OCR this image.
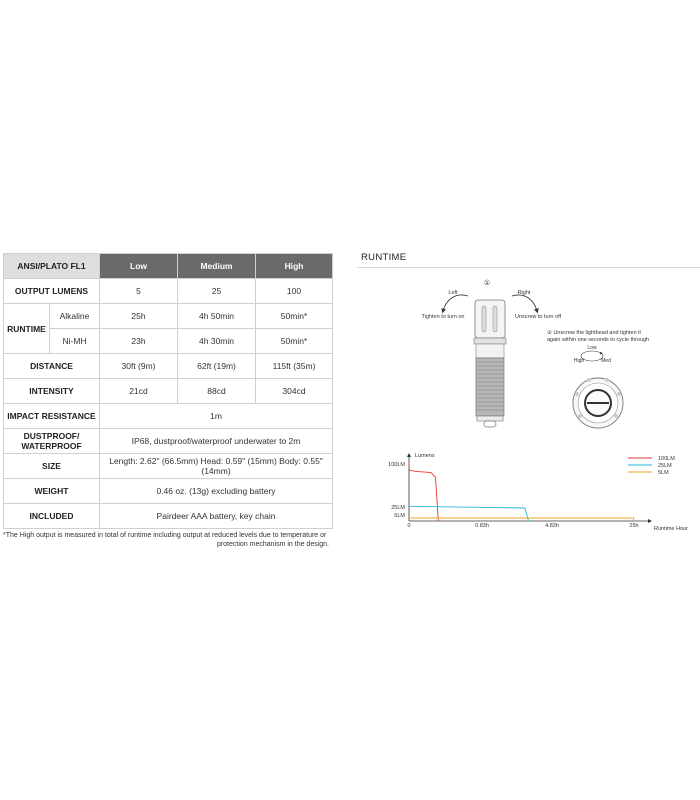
ANSI/PLATO FL1		Low	Medium	High
OUTPUT LUMENS		5	25	100
RUNTIME	Alkaline	25h	4h 50min	50min*
	Ni-MH	23h	4h 30min	50min*
DISTANCE		30ft (9m)	62ft (19m)	115ft (35m)
INTENSITY		21cd	88cd	304cd
IMPACT RESISTANCE		1m		
DUSTPROOF/
WATERPROOF		IP68, dustproof/waterproof underwater to 2m		
SIZE		Length: 2.62" (66.5mm) Head: 0.59" (15mm) Body: 0.55" (14mm)		
WEIGHT		0.46 oz. (13g) excluding battery		
INCLUDED		Pairdeer AAA battery, key chain		
*The High output is measured in total of runtime including output at reduced levels due to temperature or
protection mechanism in the design.
RUNTIME
①
Left	Right
Tighten to turn on	Unscrew to turn off
② Unscrew the lighthead and tighten it
again within one seconds to cycle through
Low
High	Med
Lumens
Runtime Hour
100LM
25LM
5LM
0	0.83h	4.83h	25h
100LM
25LM
5LM
